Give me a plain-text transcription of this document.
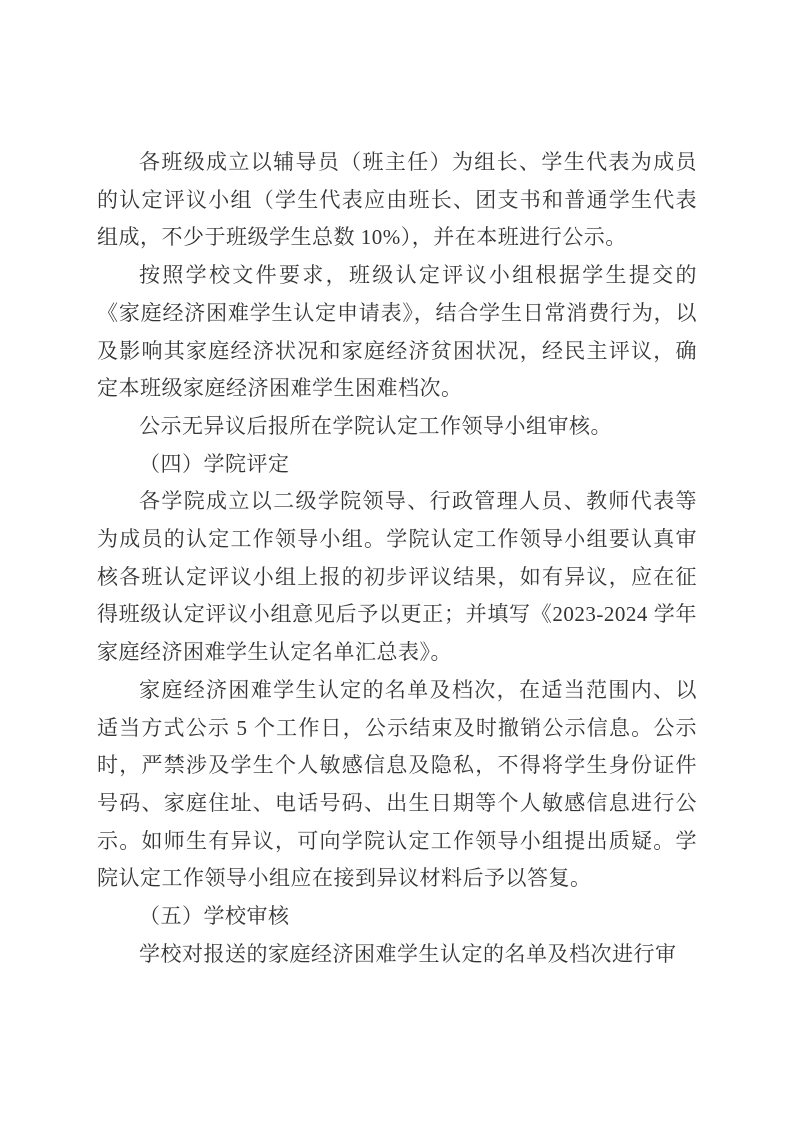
各班级成立以辅导员（班主任）为组长、学生代表为成员的认定评议小组（学生代表应由班长、团支书和普通学生代表组成，不少于班级学生总数 10%），并在本班进行公示。

按照学校文件要求，班级认定评议小组根据学生提交的《家庭经济困难学生认定申请表》，结合学生日常消费行为，以及影响其家庭经济状况和家庭经济贫困状况，经民主评议，确定本班级家庭经济困难学生困难档次。

公示无异议后报所在学院认定工作领导小组审核。

（四）学院评定

各学院成立以二级学院领导、行政管理人员、教师代表等为成员的认定工作领导小组。学院认定工作领导小组要认真审核各班认定评议小组上报的初步评议结果，如有异议，应在征得班级认定评议小组意见后予以更正；并填写《2023-2024 学年家庭经济困难学生认定名单汇总表》。

家庭经济困难学生认定的名单及档次，在适当范围内、以适当方式公示 5 个工作日，公示结束及时撤销公示信息。公示时，严禁涉及学生个人敏感信息及隐私，不得将学生身份证件号码、家庭住址、电话号码、出生日期等个人敏感信息进行公示。如师生有异议，可向学院认定工作领导小组提出质疑。学院认定工作领导小组应在接到异议材料后予以答复。

（五）学校审核

学校对报送的家庭经济困难学生认定的名单及档次进行审
